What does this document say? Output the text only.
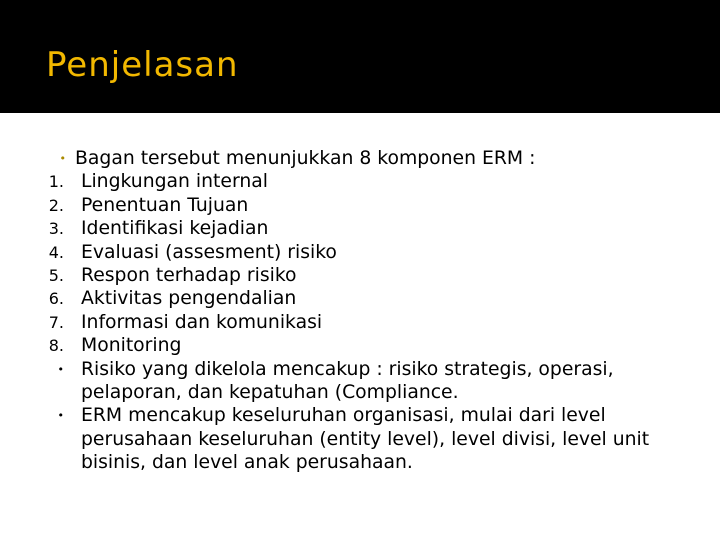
Penjelasan
• Bagan tersebut menunjukkan 8 komponen ERM :
1. Lingkungan internal
2. Penentuan Tujuan
3. Identifikasi kejadian
4. Evaluasi (assesment) risiko
5. Respon terhadap risiko
6. Aktivitas pengendalian
7. Informasi dan komunikasi
8. Monitoring
• Risiko yang dikelola mencakup : risiko strategis, operasi, pelaporan, dan kepatuhan (Compliance.
• ERM mencakup keseluruhan organisasi, mulai dari level perusahaan keseluruhan (entity level), level divisi, level unit bisinis, dan level anak perusahaan.
